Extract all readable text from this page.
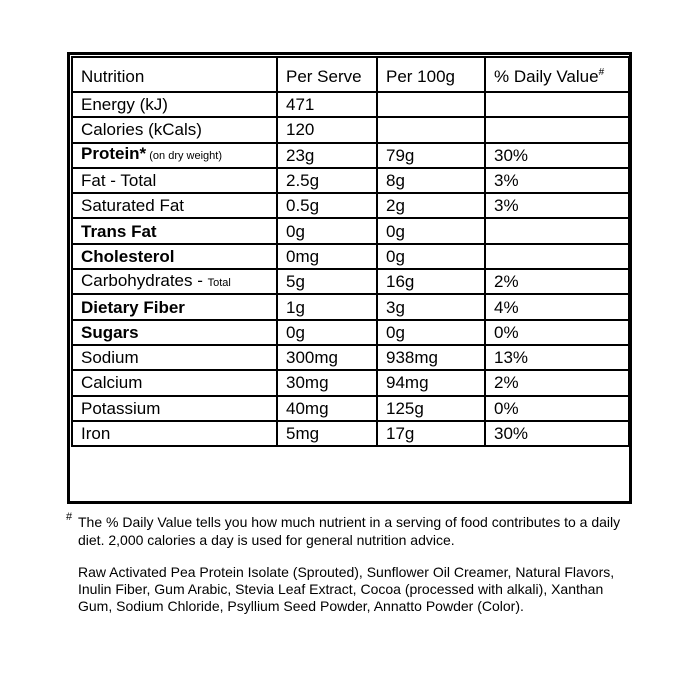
Nutrition	Per Serve	Per 100g	% Daily Value#
Energy (kJ)	471		
Calories (kCals)	120		
Protein* (on dry weight)	23g	79g	30%
Fat - Total	2.5g	8g	3%
Saturated Fat	0.5g	2g	3%
Trans Fat	0g	0g	
Cholesterol	0mg	0g	
Carbohydrates - Total	5g	16g	2%
Dietary Fiber	1g	3g	4%
Sugars	0g	0g	0%
Sodium	300mg	938mg	13%
Calcium	30mg	94mg	2%
Potassium	40mg	125g	0%
Iron	5mg	17g	30%
# The % Daily Value tells you how much nutrient in a serving of food contributes to a daily diet. 2,000 calories a day is used for general nutrition advice.
Raw Activated Pea Protein Isolate (Sprouted), Sunflower Oil Creamer, Natural Flavors, Inulin Fiber, Gum Arabic, Stevia Leaf Extract, Cocoa (processed with alkali), Xanthan Gum, Sodium Chloride, Psyllium Seed Powder, Annatto Powder (Color).
